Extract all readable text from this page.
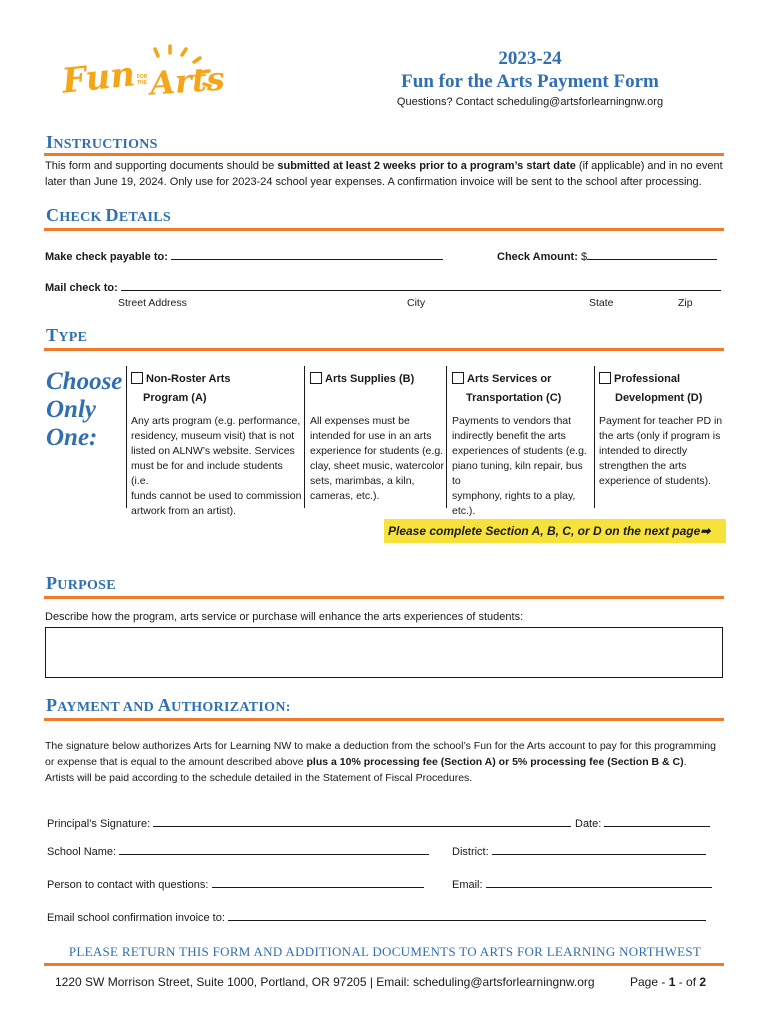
Fun FOR THE Arts
2023-24
Fun for the Arts Payment Form
Questions? Contact scheduling@artsforlearningnw.org
INSTRUCTIONS
This form and supporting documents should be submitted at least 2 weeks prior to a program’s start date (if applicable) and in no event
later than June 19, 2024. Only use for 2023-24 school year expenses. A confirmation invoice will be sent to the school after processing.
CHECK DETAILS
Make check payable to:	Check Amount: $
Mail check to:
Street Address	City	State	Zip
TYPE
Choose
Only
One:
Non-Roster Arts
Program (A)
Any arts program (e.g. performance,
residency, museum visit) that is not
listed on ALNW’s website. Services
must be for and include students (i.e.
funds cannot be used to commission
artwork from an artist).
Arts Supplies (B)

All expenses must be
intended for use in an arts
experience for students (e.g.
clay, sheet music, watercolor
sets, marimbas, a kiln,
cameras, etc.).
Arts Services or
Transportation (C)
Payments to vendors that
indirectly benefit the arts
experiences of students (e.g.
piano tuning, kiln repair, bus to
symphony, rights to a play,
etc.).
Professional
Development (D)
Payment for teacher PD in
the arts (only if program is
intended to directly
strengthen the arts
experience of students).
Please complete Section A, B, C, or D on the next page➡
PURPOSE
Describe how the program, arts service or purchase will enhance the arts experiences of students:
PAYMENT AND AUTHORIZATION:
The signature below authorizes Arts for Learning NW to make a deduction from the school’s Fun for the Arts account to pay for this programming
or expense that is equal to the amount described above plus a 10% processing fee (Section A) or 5% processing fee (Section B & C).
Artists will be paid according to the schedule detailed in the Statement of Fiscal Procedures.
Principal’s Signature:	Date:
School Name:	District:
Person to contact with questions:	Email:
Email school confirmation invoice to:
PLEASE RETURN THIS FORM AND ADDITIONAL DOCUMENTS TO ARTS FOR LEARNING NORTHWEST
1220 SW Morrison Street, Suite 1000, Portland, OR 97205 | Email: scheduling@artsforlearningnw.org	Page - 1 - of 2
